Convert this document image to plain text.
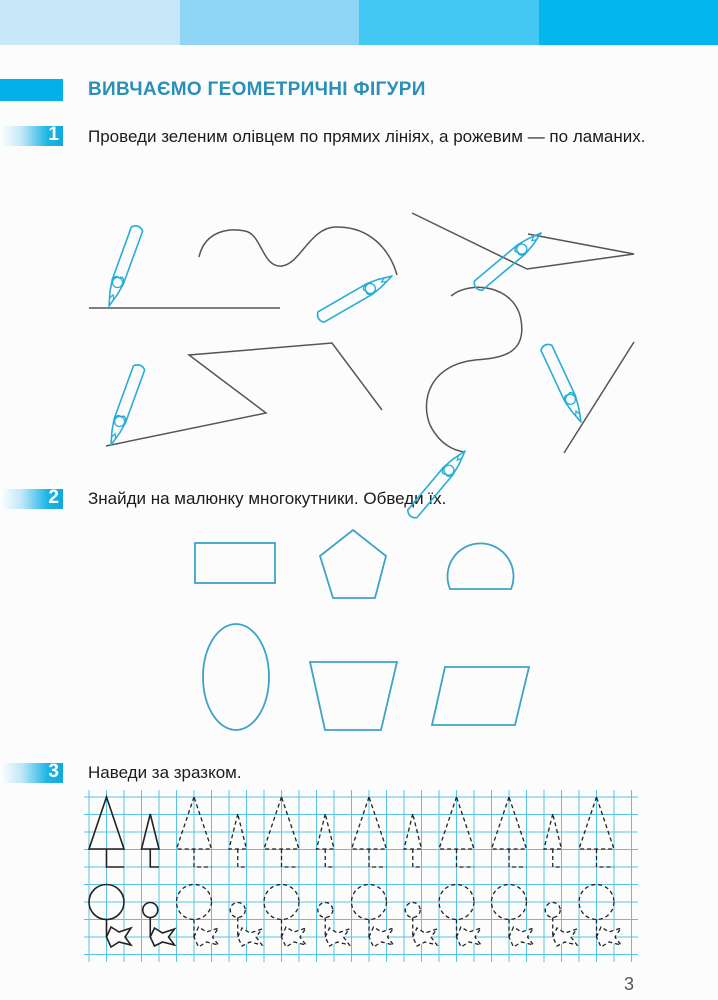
ВИВЧАЄМО ГЕОМЕТРИЧНІ ФІГУРИ
1 Проведи зеленим олівцем по прямих лініях, а рожевим — по ламаних.
2 Знайди на малюнку многокутники. Обведи їх.
3 Наведи за зразком.
3
